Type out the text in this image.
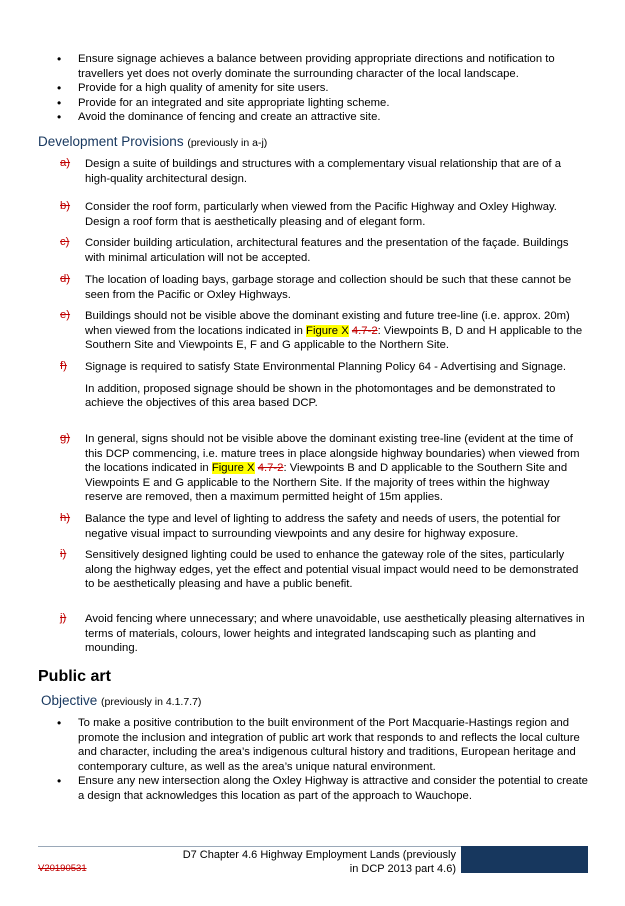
• Ensure signage achieves a balance between providing appropriate directions and notification to travellers yet does not overly dominate the surrounding character of the local landscape.
• Provide for a high quality of amenity for site users.
• Provide for an integrated and site appropriate lighting scheme.
• Avoid the dominance of fencing and create an attractive site.
Development Provisions (previously in a-j)
a) Design a suite of buildings and structures with a complementary visual relationship that are of a high-quality architectural design.
b) Consider the roof form, particularly when viewed from the Pacific Highway and Oxley Highway. Design a roof form that is aesthetically pleasing and of elegant form.
c) Consider building articulation, architectural features and the presentation of the façade. Buildings with minimal articulation will not be accepted.
d) The location of loading bays, garbage storage and collection should be such that these cannot be seen from the Pacific or Oxley Highways.
e) Buildings should not be visible above the dominant existing and future tree-line (i.e. approx. 20m) when viewed from the locations indicated in Figure X 4.7-2: Viewpoints B, D and H applicable to the Southern Site and Viewpoints E, F and G applicable to the Northern Site.
f) Signage is required to satisfy State Environmental Planning Policy 64 - Advertising and Signage.

In addition, proposed signage should be shown in the photomontages and be demonstrated to achieve the objectives of this area based DCP.

g) In general, signs should not be visible above the dominant existing tree-line (evident at the time of this DCP commencing, i.e. mature trees in place alongside highway boundaries) when viewed from the locations indicated in Figure X 4.7-2: Viewpoints B and D applicable to the Southern Site and Viewpoints E and G applicable to the Northern Site. If the majority of trees within the highway reserve are removed, then a maximum permitted height of 15m applies.
h) Balance the type and level of lighting to address the safety and needs of users, the potential for negative visual impact to surrounding viewpoints and any desire for highway exposure.
i) Sensitively designed lighting could be used to enhance the gateway role of the sites, particularly along the highway edges, yet the effect and potential visual impact would need to be demonstrated to be aesthetically pleasing and have a public benefit.
j) Avoid fencing where unnecessary; and where unavoidable, use aesthetically pleasing alternatives in terms of materials, colours, lower heights and integrated landscaping such as planting and mounding.
Public art
Objective (previously in 4.1.7.7)
• To make a positive contribution to the built environment of the Port Macquarie-Hastings region and promote the inclusion and integration of public art work that responds to and reflects the local culture and character, including the area’s indigenous cultural history and traditions, European heritage and contemporary culture, as well as the area’s unique natural environment.
• Ensure any new intersection along the Oxley Highway is attractive and consider the potential to create a design that acknowledges this location as part of the approach to Wauchope.
D7 Chapter 4.6 Highway Employment Lands (previously
in DCP 2013 part 4.6)
V20190531
